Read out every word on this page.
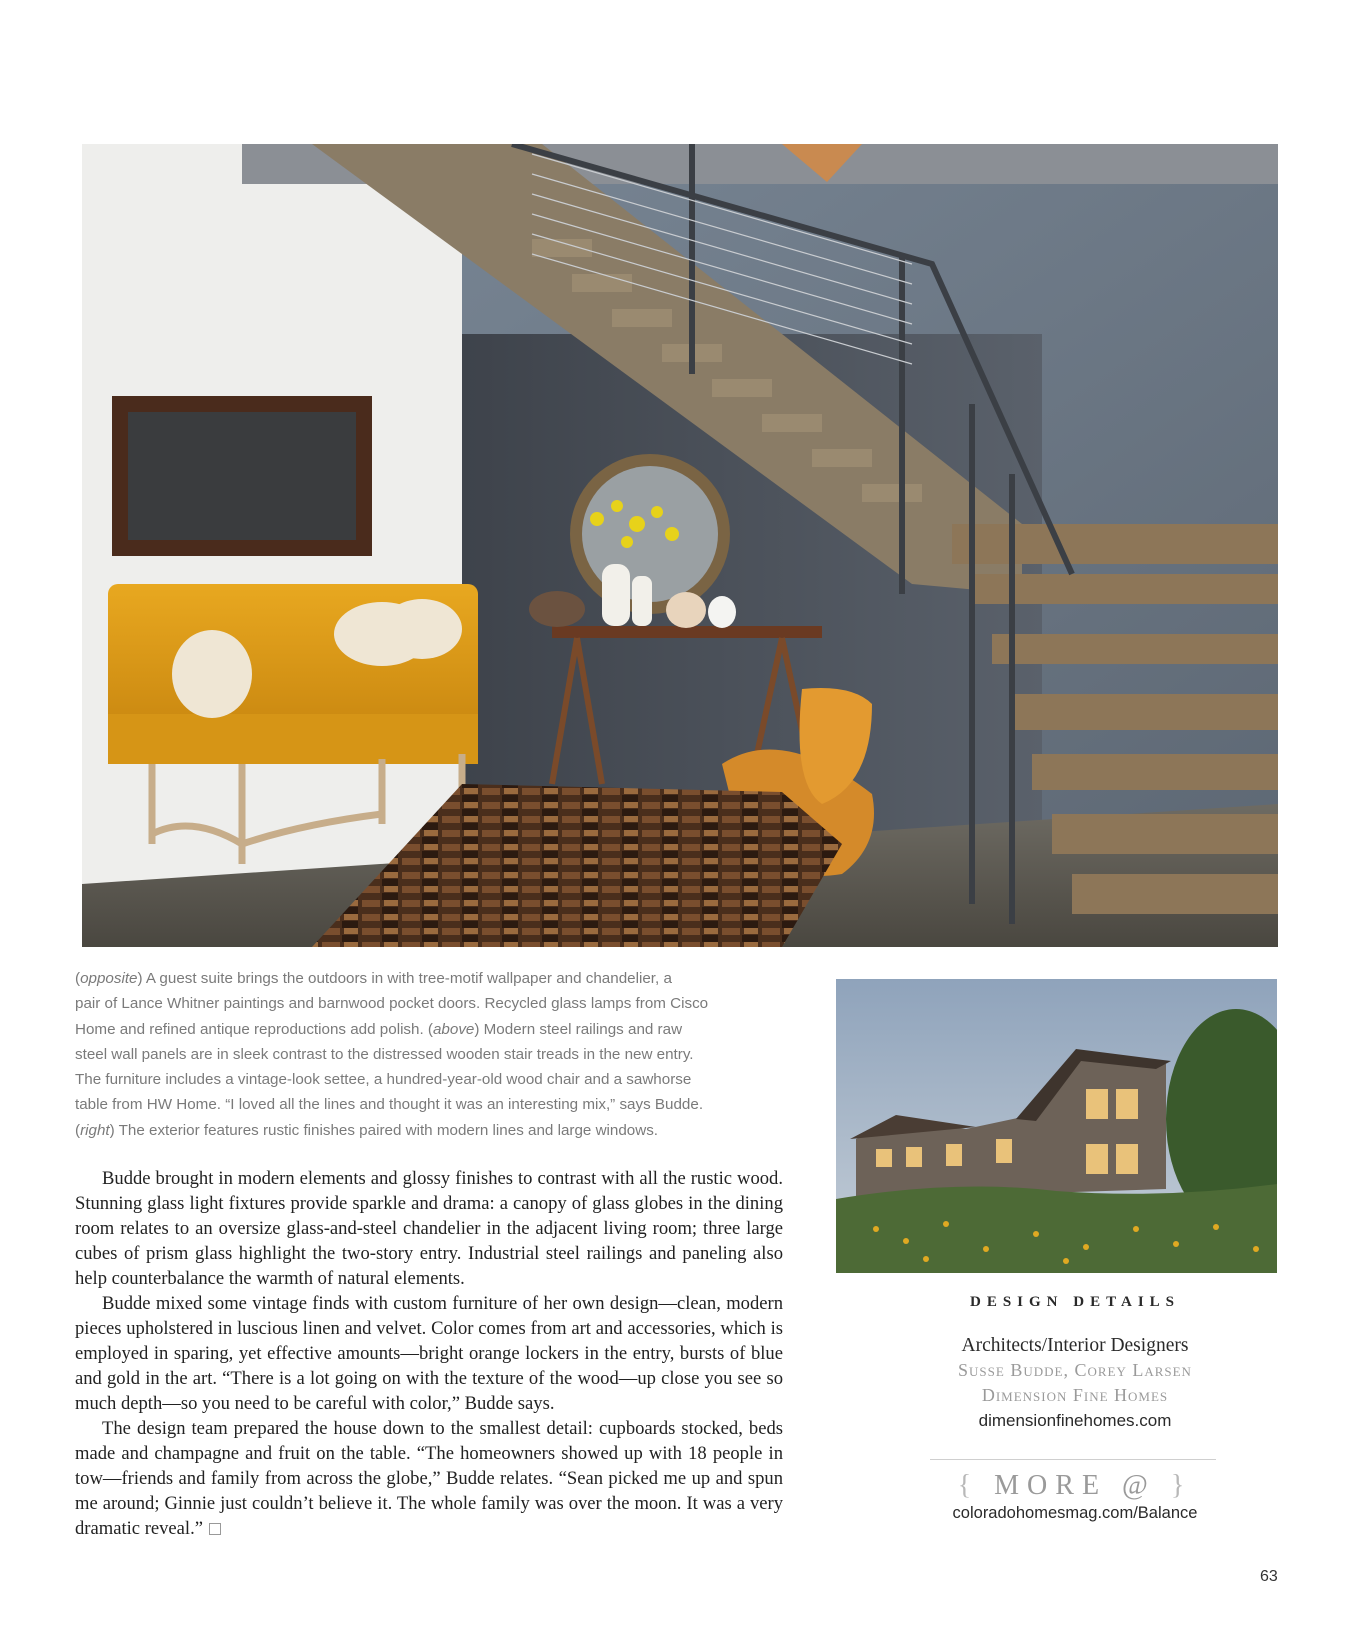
(opposite) A guest suite brings the outdoors in with tree-motif wallpaper and chandelier, a

pair of Lance Whitner paintings and barnwood pocket doors. Recycled glass lamps from Cisco

Home and refined antique reproductions add polish. (above) Modern steel railings and raw

steel wall panels are in sleek contrast to the distressed wooden stair treads in the new entry.

The furniture includes a vintage-look settee, a hundred-year-old wood chair and a sawhorse

table from HW Home. “I loved all the lines and thought it was an interesting mix,” says Budde.

(right) The exterior features rustic finishes paired with modern lines and large windows.

Budde brought in modern elements and glossy finishes to contrast with all the rustic wood. Stunning glass light fixtures provide sparkle and drama: a canopy of glass globes in the dining room relates to an oversize glass-and-steel chandelier in the adjacent living room; three large cubes of prism glass highlight the two-story entry. Industrial steel railings and paneling also help counterbalance the warmth of natural elements.

Budde mixed some vintage finds with custom furniture of her own design—clean, modern pieces upholstered in luscious linen and velvet. Color comes from art and accessories, which is employed in sparing, yet effective amounts—bright orange lockers in the entry, bursts of blue and gold in the art. “There is a lot going on with the texture of the wood—up close you see so much depth—so you need to be careful with color,” Budde says.

The design team prepared the house down to the smallest detail: cupboards stocked, beds made and champagne and fruit on the table. “The homeowners showed up with 18 people in tow—friends and family from across the globe,” Budde relates. “Sean picked me up and spun me around; Ginnie just couldn’t believe it. The whole family was over the moon. It was a very dramatic reveal.”

DESIGN DETAILS
Architects/Interior Designers
Susse Budde, Corey Larsen
Dimension Fine Homes
dimensionfinehomes.com
{ MORE @ }
coloradohomesmag.com/Balance
63
